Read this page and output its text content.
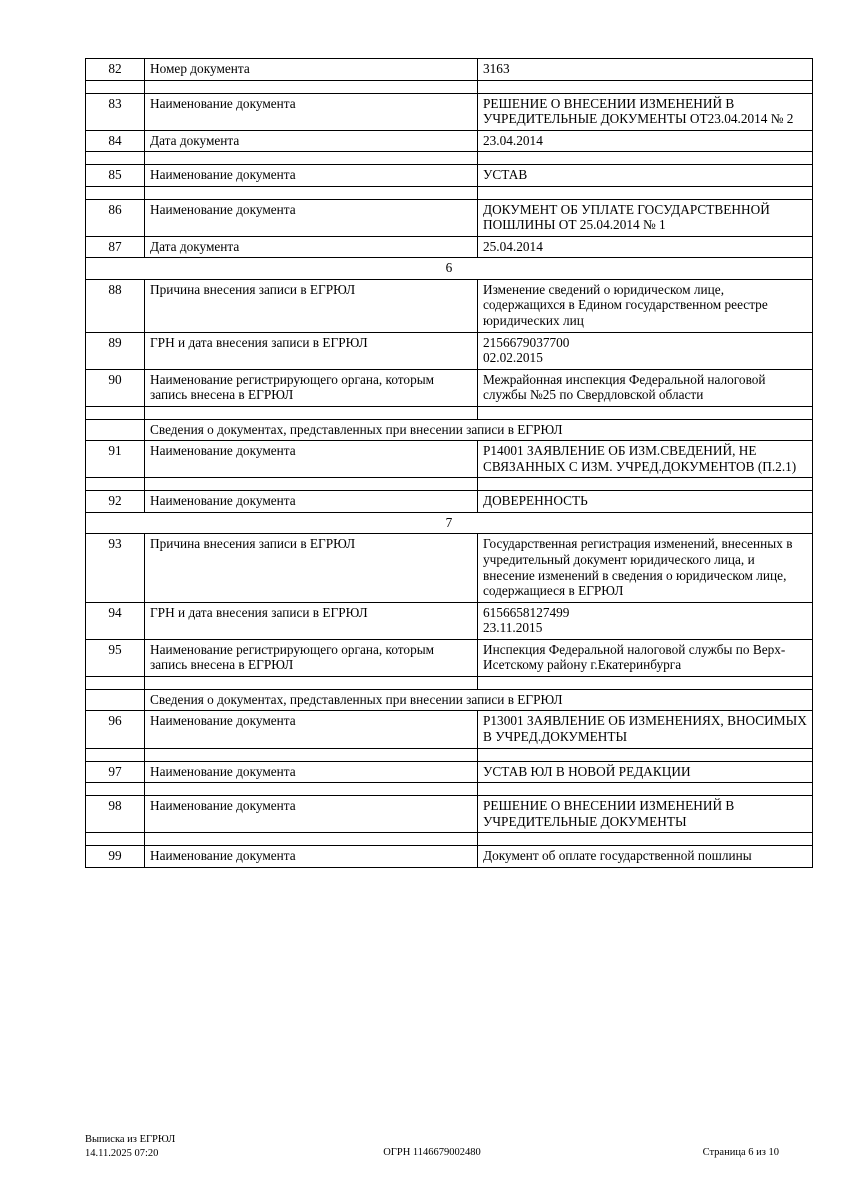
82	Номер документа	3163

83	Наименование документа	РЕШЕНИЕ О ВНЕСЕНИИ ИЗМЕНЕНИЙ В УЧРЕДИТЕЛЬНЫЕ ДОКУМЕНТЫ ОТ23.04.2014 № 2
84	Дата документа	23.04.2014

85	Наименование документа	УСТАВ

86	Наименование документа	ДОКУМЕНТ ОБ УПЛАТЕ ГОСУДАРСТВЕННОЙ ПОШЛИНЫ ОТ 25.04.2014 № 1
87	Дата документа	25.04.2014
6		
88	Причина внесения записи в ЕГРЮЛ	Изменение сведений о юридическом лице, содержащихся в Едином государственном реестре юридических лиц
89	ГРН и дата внесения записи в ЕГРЮЛ	2156679037700
02.02.2015
90	Наименование регистрирующего органа, которым запись внесена в ЕГРЮЛ	Межрайонная инспекция Федеральной налоговой службы №25 по Свердловской области

	Сведения о документах, представленных при внесении записи в ЕГРЮЛ	
91	Наименование документа	Р14001 ЗАЯВЛЕНИЕ ОБ ИЗМ.СВЕДЕНИЙ, НЕ СВЯЗАННЫХ С ИЗМ. УЧРЕД.ДОКУМЕНТОВ (П.2.1)

92	Наименование документа	ДОВЕРЕННОСТЬ
7		
93	Причина внесения записи в ЕГРЮЛ	Государственная регистрация изменений, внесенных в учредительный документ юридического лица, и внесение изменений в сведения о юридическом лице, содержащиеся в ЕГРЮЛ
94	ГРН и дата внесения записи в ЕГРЮЛ	6156658127499
23.11.2015
95	Наименование регистрирующего органа, которым запись внесена в ЕГРЮЛ	Инспекция Федеральной налоговой службы по Верх-Исетскому району г.Екатеринбурга

	Сведения о документах, представленных при внесении записи в ЕГРЮЛ	
96	Наименование документа	Р13001 ЗАЯВЛЕНИЕ ОБ ИЗМЕНЕНИЯХ, ВНОСИМЫХ В УЧРЕД.ДОКУМЕНТЫ

97	Наименование документа	УСТАВ ЮЛ В НОВОЙ РЕДАКЦИИ

98	Наименование документа	РЕШЕНИЕ О ВНЕСЕНИИ ИЗМЕНЕНИЙ В УЧРЕДИТЕЛЬНЫЕ ДОКУМЕНТЫ

99	Наименование документа	Документ об оплате государственной пошлины
Выписка из ЕГРЮЛ
14.11.2025 07:20	ОГРН 1146679002480	Страница 6 из 10
